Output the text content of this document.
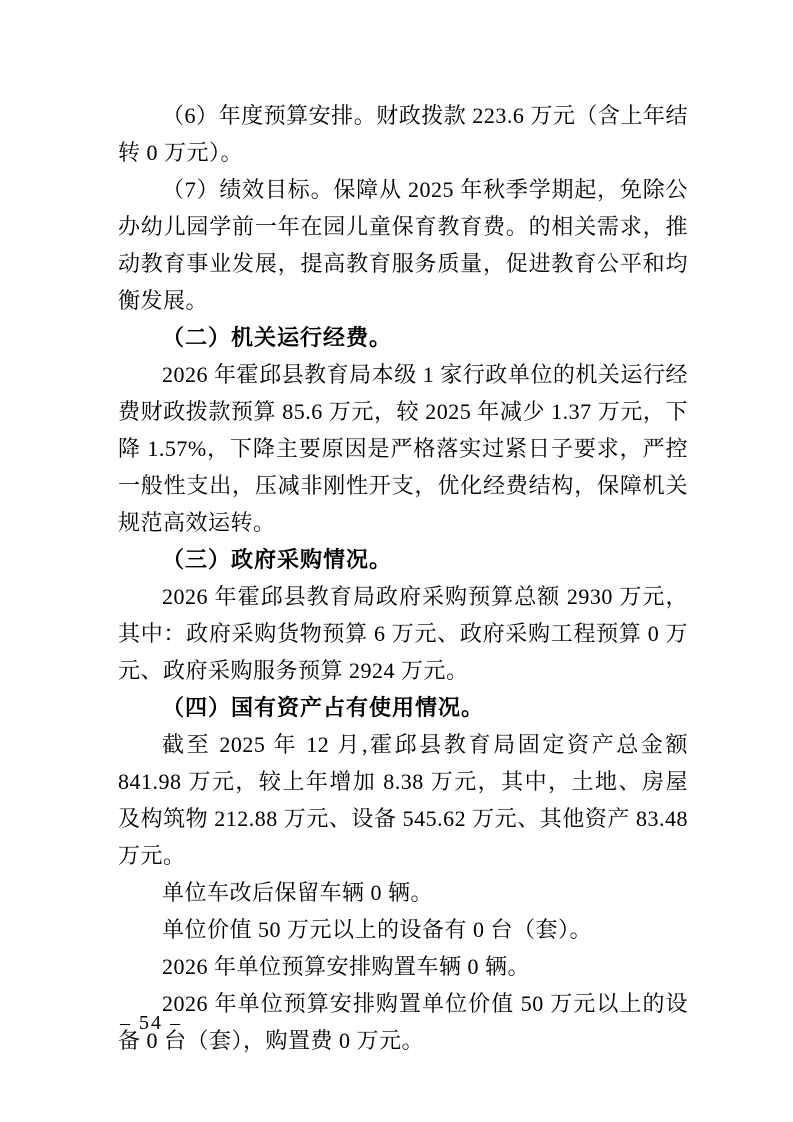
（6）年度预算安排。财政拨款 223.6 万元（含上年结转 0 万元）。

（7）绩效目标。保障从 2025 年秋季学期起，免除公办幼儿园学前一年在园儿童保育教育费。的相关需求，推动教育事业发展，提高教育服务质量，促进教育公平和均衡发展。

（二）机关运行经费。

2026 年霍邱县教育局本级 1 家行政单位的机关运行经费财政拨款预算 85.6 万元，较 2025 年减少 1.37 万元，下降 1.57%，下降主要原因是严格落实过紧日子要求，严控一般性支出，压减非刚性开支，优化经费结构，保障机关规范高效运转。

（三）政府采购情况。

2026 年霍邱县教育局政府采购预算总额 2930 万元，其中：政府采购货物预算 6 万元、政府采购工程预算 0 万元、政府采购服务预算 2924 万元。

（四）国有资产占有使用情况。

截至 2025 年 12 月,霍邱县教育局固定资产总金额 841.98 万元，较上年增加 8.38 万元，其中，土地、房屋及构筑物 212.88 万元、设备 545.62 万元、其他资产 83.48 万元。

单位车改后保留车辆 0 辆。

单位价值 50 万元以上的设备有 0 台（套）。

2026 年单位预算安排购置车辆 0 辆。

2026 年单位预算安排购置单位价值 50 万元以上的设备 0 台（套），购置费 0 万元。

– 54 –
